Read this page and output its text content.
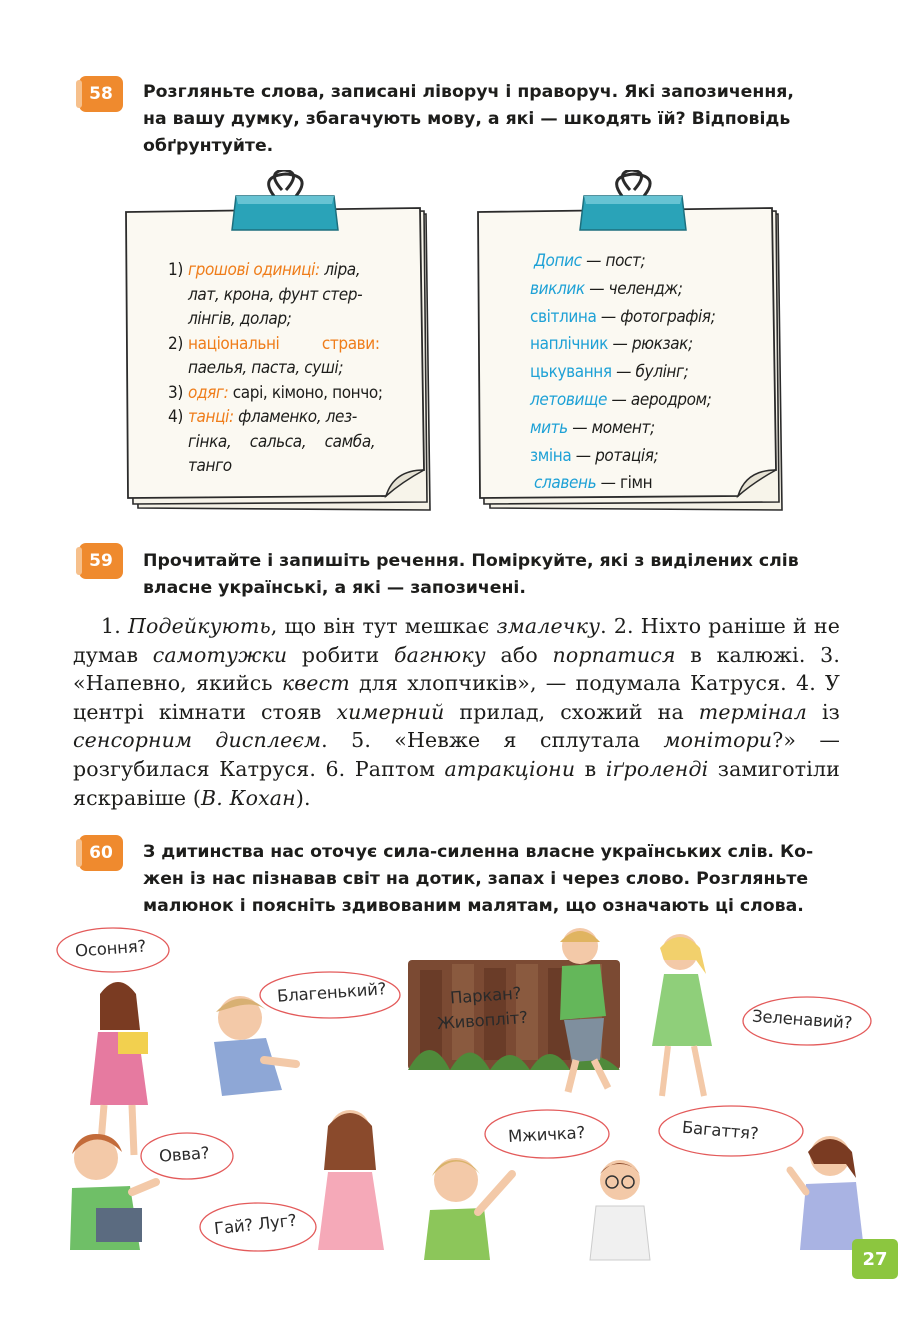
58 Розгляньте слова, записані ліворуч і праворуч. Які запозичення,
на вашу думку, збагачують мову, а які — шкодять їй? Відповідь
обґрунтуйте.
1) грошові одиниці: ліра,
лат, крона, фунт стер-
лінгів, долар;
2) національні страви:
паелья, паста, суші;
3) одяг: сарі, кімоно, пончо;
4) танці: фламенко, лез-
гінка, сальса, самба,
танго
Допис — пост;
виклик — челендж;
світлина — фотографія;
наплічник — рюкзак;
цькування — булінг;
летовище — аеродром;
мить — момент;
зміна — ротація;
славень — гімн
59 Прочитайте і запишіть речення. Поміркуйте, які з виділених слів
власне українські, а які — запозичені.
1. Подейкують, що він тут мешкає змалечку. 2. Ніхто раніше й не думав самотужки робити багнюку або порпатися в калюжі. 3. «Напевно, якийсь квест для хлопчиків», — подумала Катруся. 4. У центрі кімнати стояв химерний прилад, схожий на термінал із сенсорним дисплеєм. 5. «Невже я сплутала монітори?» — розгубилася Катруся. 6. Раптом атракціони в іґроленді замиготіли яскравіше (В. Кохан).
60 З дитинства нас оточує сила-силенна власне українських слів. Ко-
жен із нас пізнавав світ на дотик, запах і через слово. Розгляньте
малюнок і поясніть здивованим малятам, що означають ці слова.
Осоння?
Благенький?	Паркан?
Живопліт?	Зеленавий?
Овва?
Гай? Луг?
Мжичка?	Багаття?
27
